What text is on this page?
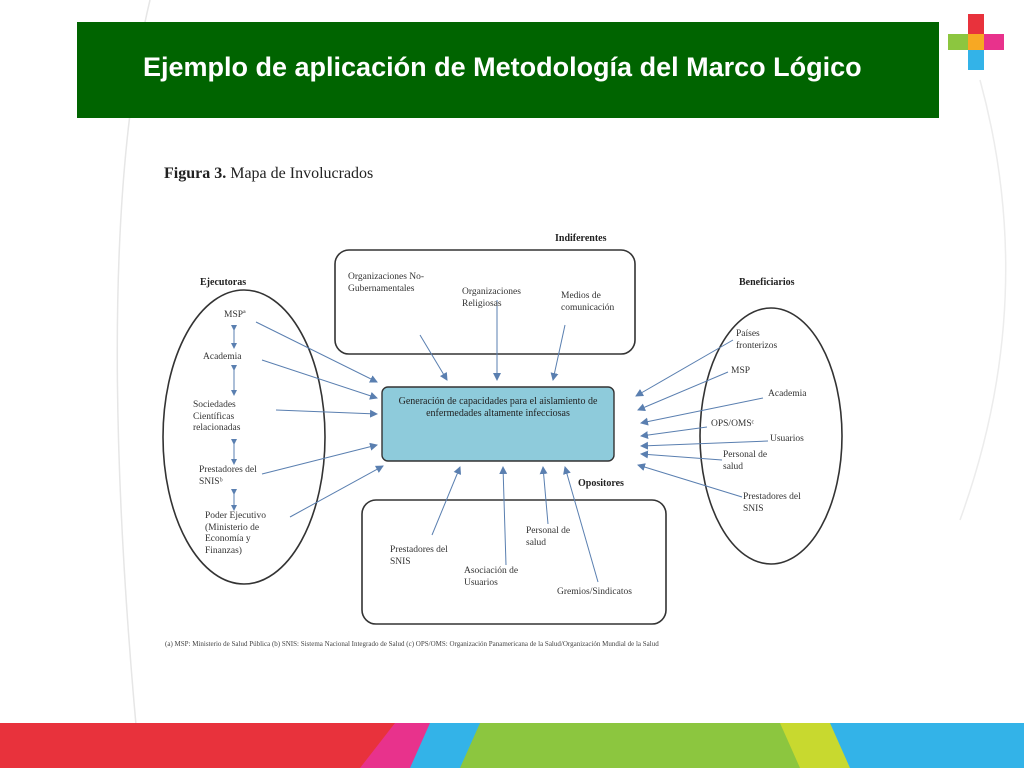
Ejemplo de aplicación de Metodología del Marco Lógico
Figura 3. Mapa de Involucrados
Generación de capacidades para el aislamiento de enfermedades altamente infecciosas
Ejecutoras
Indiferentes
Beneficiarios
Opositores
MSPª
Academia
Sociedades Científicas relacionadas
Prestadores del SNISᵇ
Poder Ejecutivo (Ministerio de Economía y Finanzas)
Organizaciones No-Gubernamentales	Organizaciones Religiosas
Medios de comunicación
Países fronterizos
MSP
Academia
OPS/OMSᶜ
Usuarios
Personal de salud
Prestadores del SNIS
Prestadores del SNIS
Asociación de Usuarios
Personal de salud
Gremios/Sindicatos
(a) MSP: Ministerio de Salud Pública (b) SNIS: Sistema Nacional Integrado de Salud (c) OPS/OMS: Organización Panamericana de la Salud/Organización Mundial de la Salud
